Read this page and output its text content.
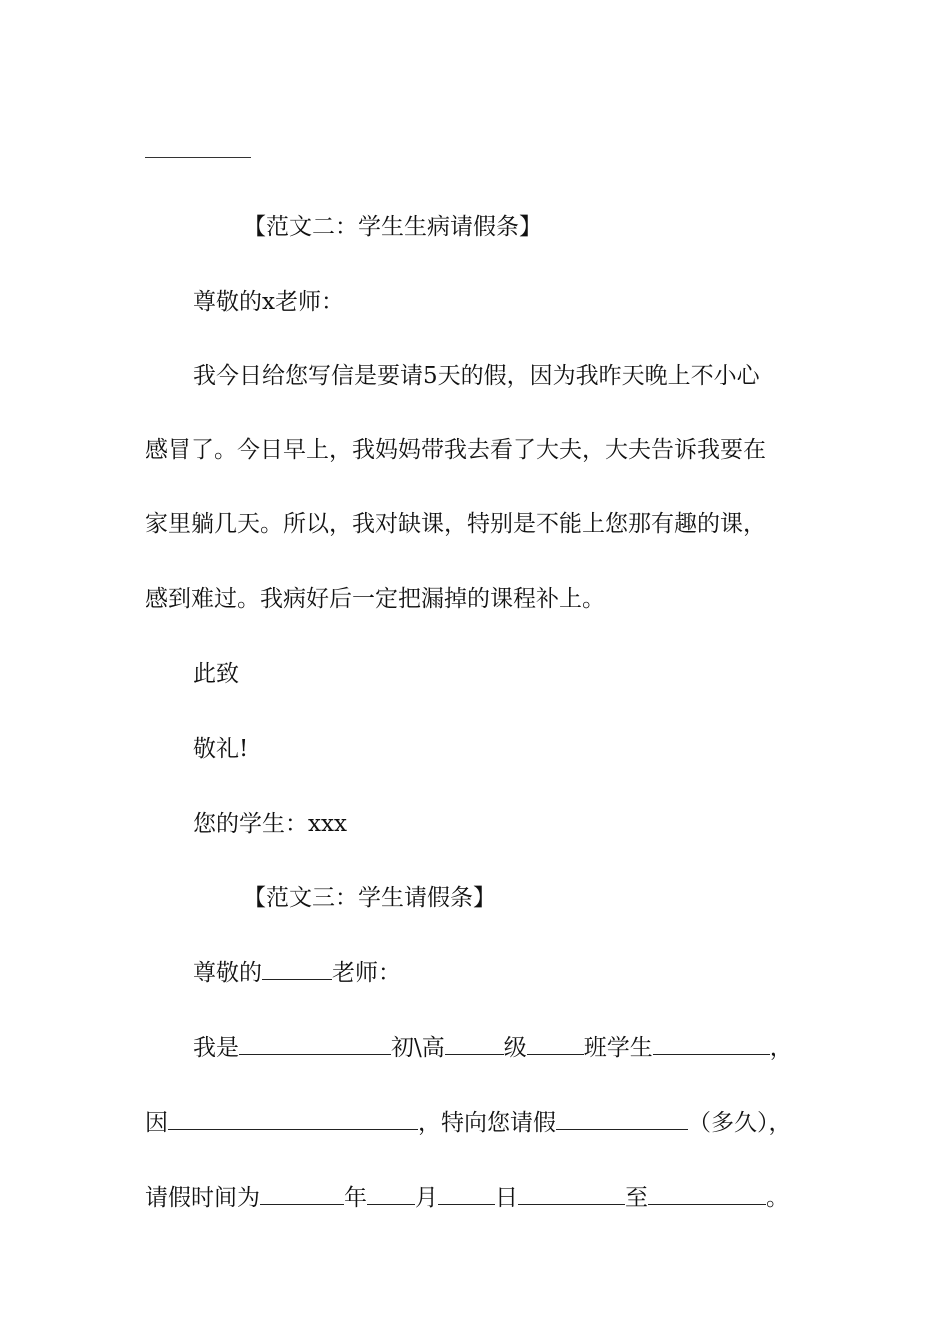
【范文二：学生生病请假条】
尊敬的x老师：
我今日给您写信是要请5天的假，因为我昨天晚上不小心
感冒了。今日早上，我妈妈带我去看了大夫，大夫告诉我要在
家里躺几天。所以，我对缺课，特别是不能上您那有趣的课，
感到难过。我病好后一定把漏掉的课程补上。
此致
敬礼!
您的学生：xxx
【范文三：学生请假条】
尊敬的	老师：
我是	初\高	级 班学生	，
因	，特向您请假	（多久），
请假时间为	年 月 日	至	。
